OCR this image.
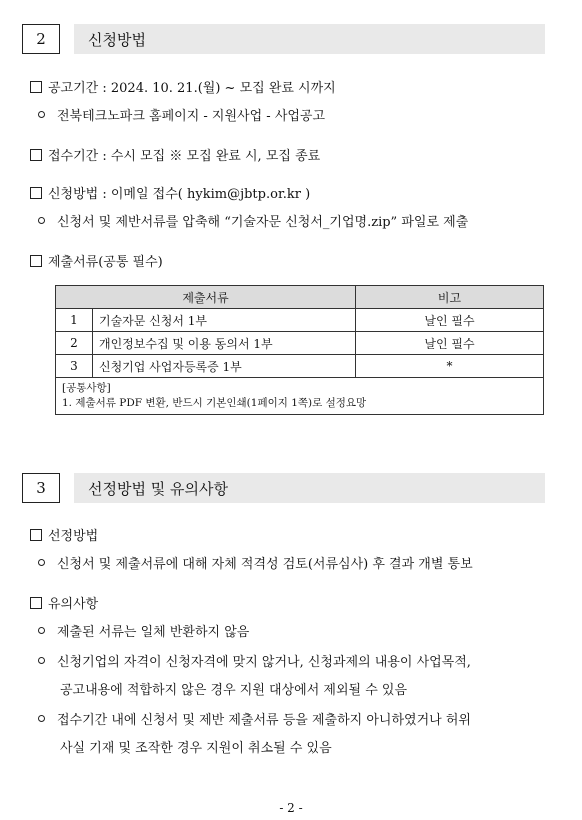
2	신청방법
공고기간 : 2024. 10. 21.(월) ~ 모집 완료 시까지
전북테크노파크 홈페이지 - 지원사업 - 사업공고
접수기간 : 수시 모집 ※ 모집 완료 시, 모집 종료
신청방법 : 이메일 접수( hykim@jbtp.or.kr )
신청서 및 제반서류를 압축해 “기술자문 신청서_기업명.zip” 파일로 제출
제출서류(공통 필수)
제출서류		비고
1	기술자문 신청서 1부	날인 필수
2	개인정보수집 및 이용 동의서 1부	날인 필수
3	신청기업 사업자등록증 1부	*

[공통사항]
1. 제출서류 PDF 변환, 반드시 기본인쇄(1페이지 1쪽)로 설정요망		
3	선정방법 및 유의사항
선정방법
신청서 및 제출서류에 대해 자체 적격성 검토(서류심사) 후 결과 개별 통보
유의사항
제출된 서류는 일체 반환하지 않음
신청기업의 자격이 신청자격에 맞지 않거나, 신청과제의 내용이 사업목적,
공고내용에 적합하지 않은 경우 지원 대상에서 제외될 수 있음
접수기간 내에 신청서 및 제반 제출서류 등을 제출하지 아니하였거나 허위
사실 기재 및 조작한 경우 지원이 취소될 수 있음
- 2 -
